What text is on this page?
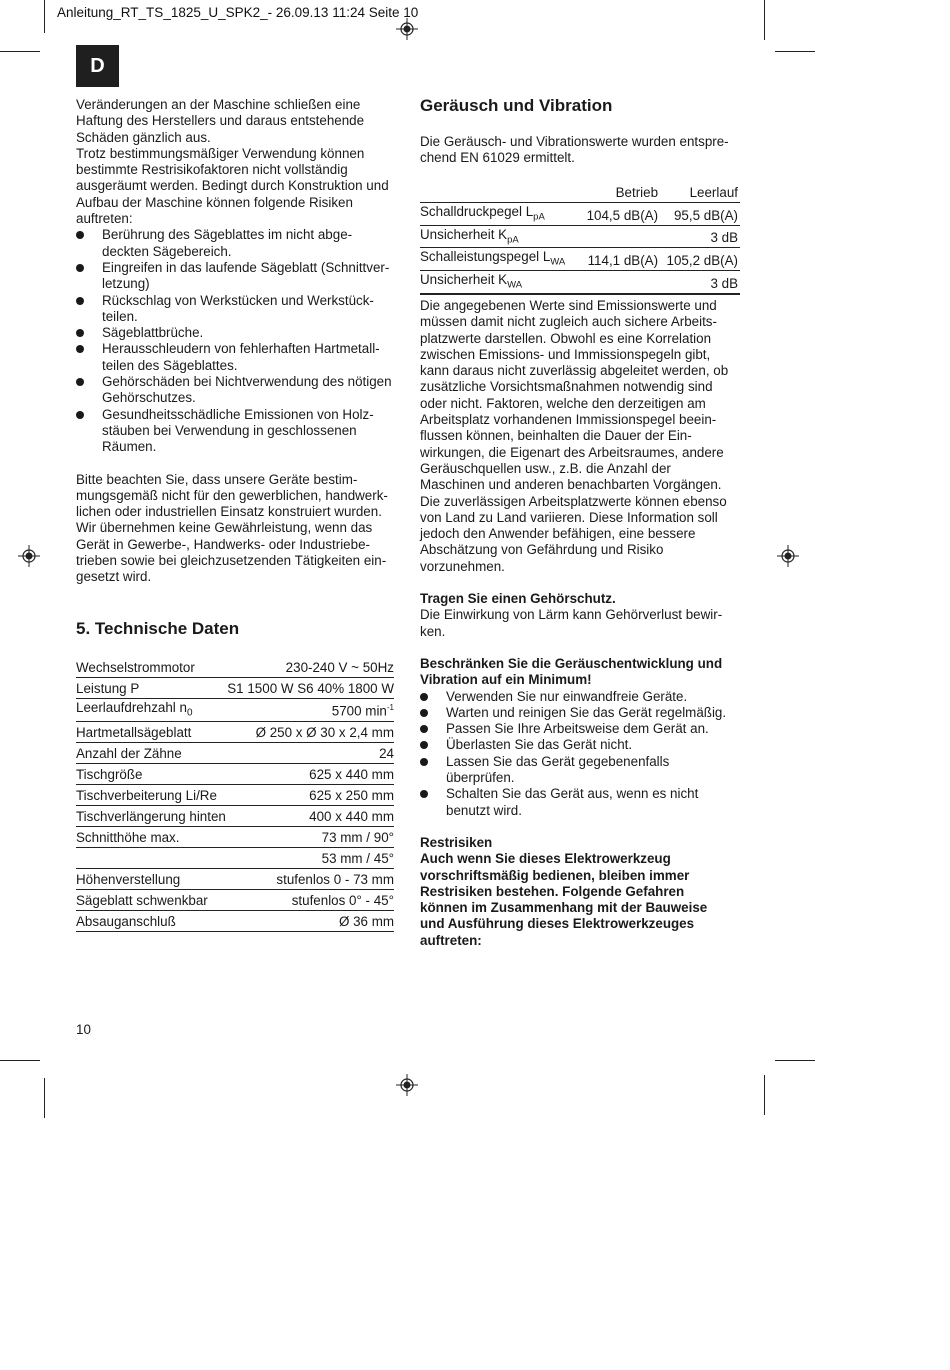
Anleitung_RT_TS_1825_U_SPK2_- 26.09.13 11:24 Seite 10
D

Veränderungen an der Maschine schließen eine

Haftung des Herstellers und daraus entstehende

Schäden gänzlich aus.

Trotz bestimmungsmäßiger Verwendung können

bestimmte Restrisikofaktoren nicht vollständig

ausgeräumt werden. Bedingt durch Konstruktion und

Aufbau der Maschine können folgende Risiken

auftreten:

Berührung des Sägeblattes im nicht abge-
deckten Sägebereich.
Eingreifen in das laufende Sägeblatt (Schnittver-
letzung)
Rückschlag von Werkstücken und Werkstück-
teilen.
Sägeblattbrüche.
Herausschleudern von fehlerhaften Hartmetall-
teilen des Sägeblattes.
Gehörschäden bei Nichtverwendung des nötigen
Gehörschutzes.
Gesundheitsschädliche Emissionen von Holz-
stäuben bei Verwendung in geschlossenen
Räumen.

Bitte beachten Sie, dass unsere Geräte bestim-

mungsgemäß nicht für den gewerblichen, handwerk-

lichen oder industriellen Einsatz konstruiert wurden.

Wir übernehmen keine Gewährleistung, wenn das

Gerät in Gewerbe-, Handwerks- oder Industriebe-

trieben sowie bei gleichzusetzenden Tätigkeiten ein-

gesetzt wird.

5. Technische Daten
Wechselstrommotor	230-240 V ~ 50Hz
Leistung P	S1 1500 W S6 40% 1800 W
Leerlaufdrehzahl $n_0$	5700 $\min^{-1}$
Hartmetallsägeblatt	Ø 250 x Ø 30 x 2,4 mm
Anzahl der Zähne	24
Tischgröße	625 x 440 mm
Tischverbeiterung Li/Re	625 x 250 mm
Tischverlängerung hinten	400 x 440 mm
Schnitthöhe max.	73 mm / 90°
	53 mm / 45°
Höhenverstellung	stufenlos 0 - 73 mm
Sägeblatt schwenkbar	stufenlos 0° - 45°
Absauganschluß	Ø 36 mm
Geräusch und Vibration

Die Geräusch- und Vibrationswerte wurden entspre-

chend EN 61029 ermittelt.

	Betrieb	Leerlauf
Schalldruckpegel $L_{pA}$	104,5 dB(A)	95,5 dB(A)
Unsicherheit $K_{pA}$		3 dB
Schalleistungspegel $L_{WA}$	114,1 dB(A)	105,2 dB(A)
Unsicherheit $K_{WA}$		3 dB

Die angegebenen Werte sind Emissionswerte und

müssen damit nicht zugleich auch sichere Arbeits-

platzwerte darstellen. Obwohl es eine Korrelation

zwischen Emissions- und Immissionspegeln gibt,

kann daraus nicht zuverlässig abgeleitet werden, ob

zusätzliche Vorsichtsmaßnahmen notwendig sind

oder nicht. Faktoren, welche den derzeitigen am

Arbeitsplatz vorhandenen Immissionspegel beein-

flussen können, beinhalten die Dauer der Ein-

wirkungen, die Eigenart des Arbeitsraumes, andere

Geräuschquellen usw., z.B. die Anzahl der

Maschinen und anderen benachbarten Vorgängen.

Die zuverlässigen Arbeitsplatzwerte können ebenso

von Land zu Land variieren. Diese Information soll

jedoch den Anwender befähigen, eine bessere

Abschätzung von Gefährdung und Risiko

vorzunehmen.

Tragen Sie einen Gehörschutz.

Die Einwirkung von Lärm kann Gehörverlust bewir-

ken.

Beschränken Sie die Geräuschentwicklung und

Vibration auf ein Minimum!

Verwenden Sie nur einwandfreie Geräte.
Warten und reinigen Sie das Gerät regelmäßig.
Passen Sie Ihre Arbeitsweise dem Gerät an.
Überlasten Sie das Gerät nicht.
Lassen Sie das Gerät gegebenenfalls
überprüfen.
Schalten Sie das Gerät aus, wenn es nicht
benutzt wird.

Restrisiken

Auch wenn Sie dieses Elektrowerkzeug

vorschriftsmäßig bedienen, bleiben immer

Restrisiken bestehen. Folgende Gefahren

können im Zusammenhang mit der Bauweise

und Ausführung dieses Elektrowerkzeuges

auftreten:

10
